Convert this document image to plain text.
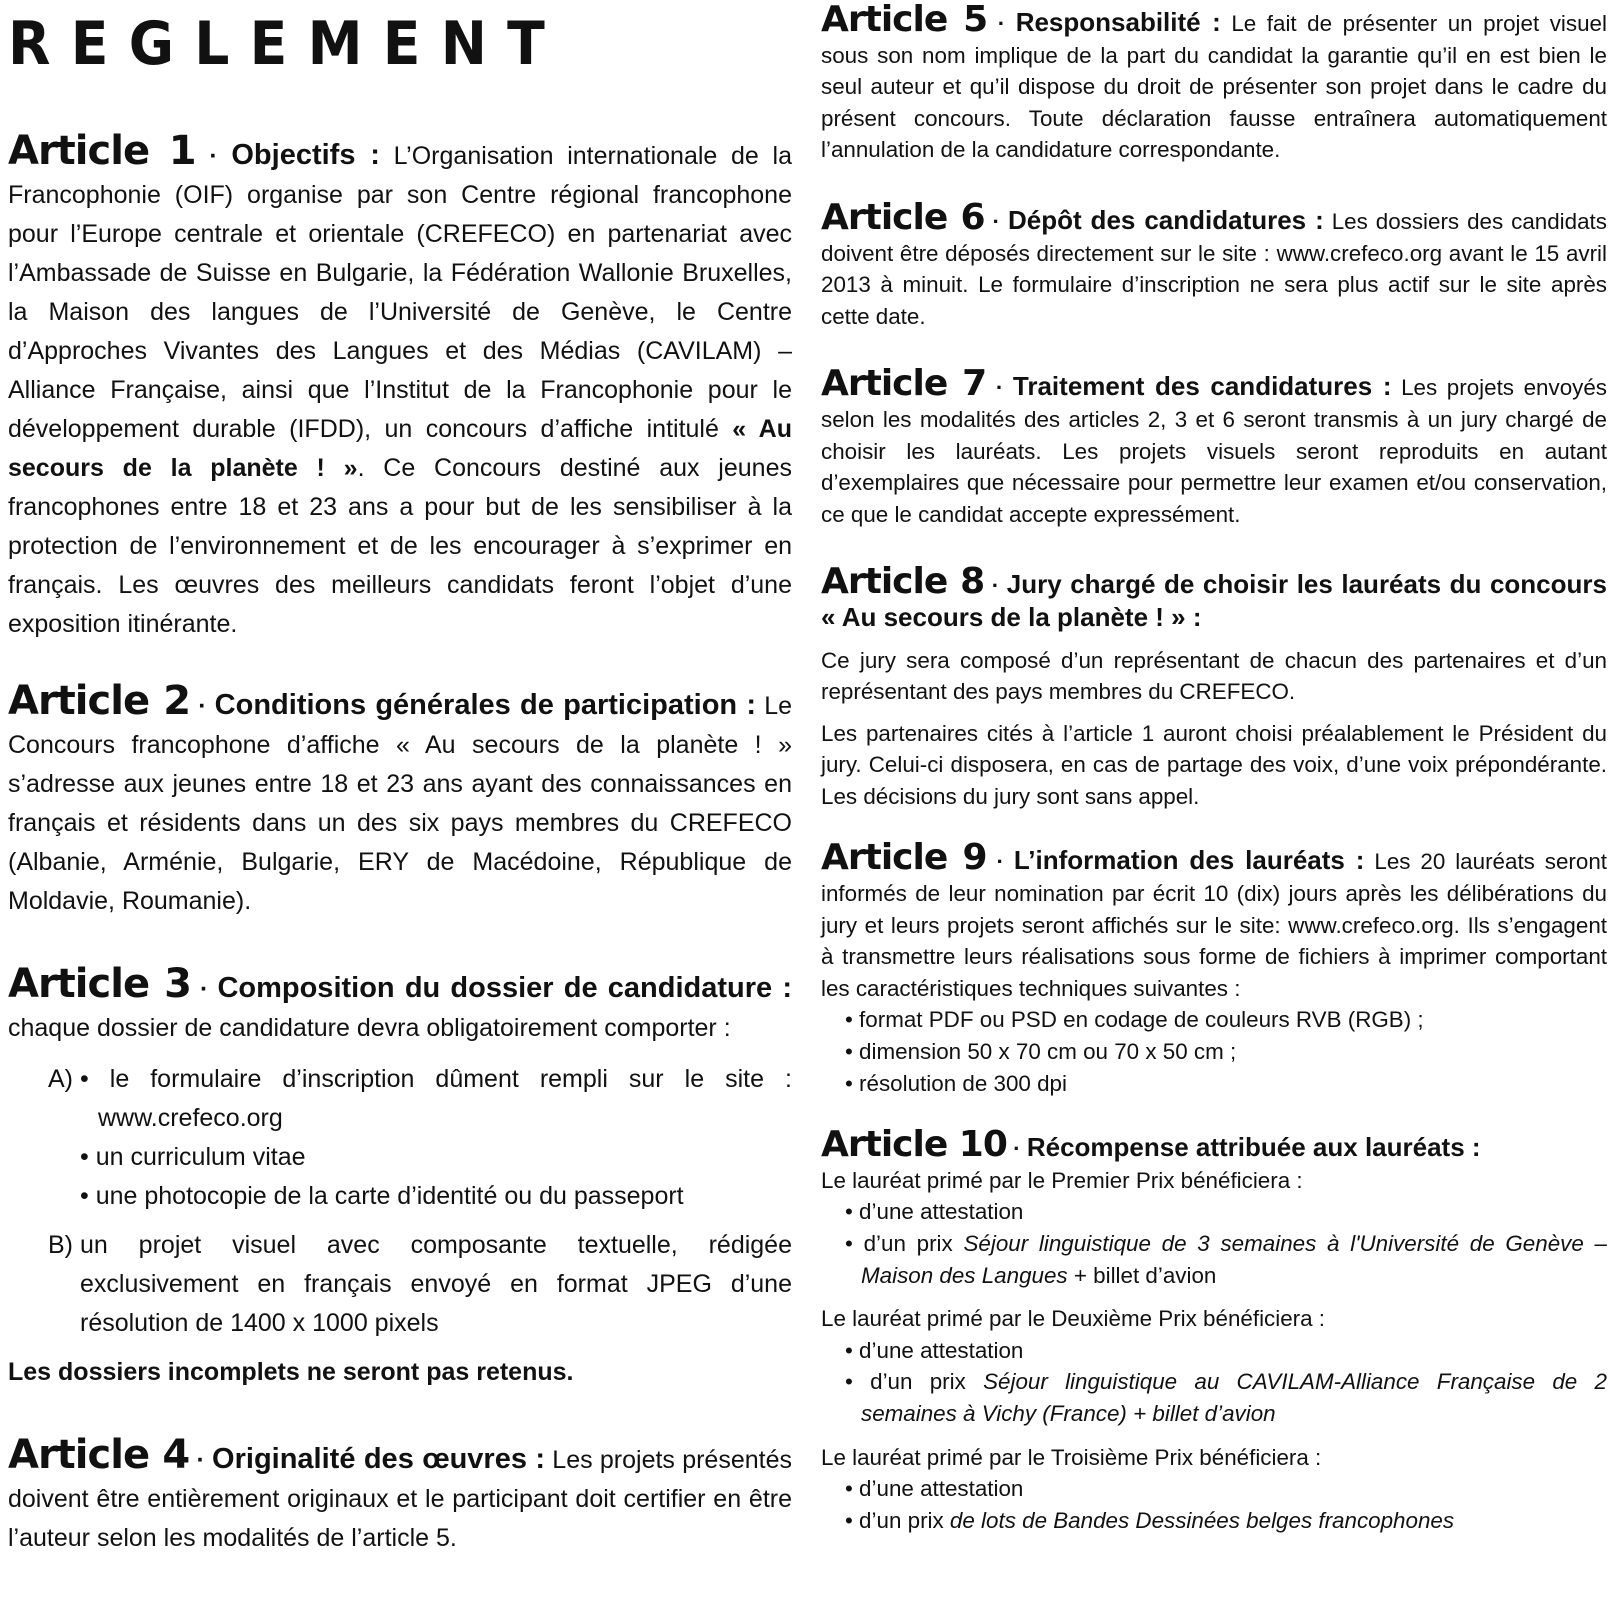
REGLEMENT

Article 1 · Objectifs : L’Organisation internationale de la Francophonie (OIF) organise par son Centre régional francophone pour l’Europe centrale et orientale (CREFECO) en partenariat avec l’Ambassade de Suisse en Bulgarie, la Fédération Wallonie Bruxelles, la Maison des langues de l’Université de Genève, le Centre d’Approches Vivantes des Langues et des Médias (CAVILAM) – Alliance Française, ainsi que l’Institut de la Francophonie pour le développement durable (IFDD), un concours d’affiche intitulé « Au secours de la planète ! ». Ce Concours destiné aux jeunes francophones entre 18 et 23 ans a pour but de les sensibiliser à la protection de l’environnement et de les encourager à s’exprimer en français. Les œuvres des meilleurs candidats feront l’objet d’une exposition itinérante.

Article 2 · Conditions générales de participation : Le Concours francophone d’affiche « Au secours de la planète ! » s’adresse aux jeunes entre 18 et 23 ans ayant des connaissances en français et résidents dans un des six pays membres du CREFECO (Albanie, Arménie, Bulgarie, ERY de Macédoine, République de Moldavie, Roumanie).

Article 3 · Composition du dossier de candidature : chaque dossier de candidature devra obligatoirement comporter :

A) • le formulaire d’inscription dûment rempli sur le site : www.crefeco.org

• un curriculum vitae

• une photocopie de la carte d’identité ou du passeport

B) un projet visuel avec composante textuelle, rédigée exclusivement en français envoyé en format JPEG d’une résolution de 1400 x 1000 pixels

Les dossiers incomplets ne seront pas retenus.

Article 4 · Originalité des œuvres : Les projets présentés doivent être entièrement originaux et le participant doit certifier en être l’auteur selon les modalités de l’article 5.

Article 5 · Responsabilité : Le fait de présenter un projet visuel sous son nom implique de la part du candidat la garantie qu’il en est bien le seul auteur et qu’il dispose du droit de présenter son projet dans le cadre du présent concours. Toute déclaration fausse entraînera automatiquement l’annulation de la candidature correspondante.

Article 6 · Dépôt des candidatures : Les dossiers des candidats doivent être déposés directement sur le site : www.crefeco.org avant le 15 avril 2013 à minuit. Le formulaire d’inscription ne sera plus actif sur le site après cette date.

Article 7 · Traitement des candidatures : Les projets envoyés selon les modalités des articles 2, 3 et 6 seront transmis à un jury chargé de choisir les lauréats. Les projets visuels seront reproduits en autant d’exemplaires que nécessaire pour permettre leur examen et/ou conservation, ce que le candidat accepte expressément.

Article 8 · Jury chargé de choisir les lauréats du concours « Au secours de la planète ! » :

Ce jury sera composé d’un représentant de chacun des partenaires et d’un représentant des pays membres du CREFECO.

Les partenaires cités à l’article 1 auront choisi préalablement le Président du jury. Celui-ci disposera, en cas de partage des voix, d’une voix prépondérante. Les décisions du jury sont sans appel.

Article 9 · L’information des lauréats : Les 20 lauréats seront informés de leur nomination par écrit 10 (dix) jours après les délibérations du jury et leurs projets seront affichés sur le site: www.crefeco.org. Ils s’engagent à transmettre leurs réalisations sous forme de fichiers à imprimer comportant les caractéristiques techniques suivantes :

• format PDF ou PSD en codage de couleurs RVB (RGB) ;

• dimension 50 x 70 cm ou 70 x 50 cm ;

• résolution de 300 dpi

Article 10 · Récompense attribuée aux lauréats :

Le lauréat primé par le Premier Prix bénéficiera :

• d’une attestation

• d’un prix Séjour linguistique de 3 semaines à l'Université de Genève – Maison des Langues + billet d’avion

Le lauréat primé par le Deuxième Prix bénéficiera :

• d’une attestation

• d’un prix Séjour linguistique au CAVILAM-Alliance Française de 2 semaines à Vichy (France) + billet d’avion

Le lauréat primé par le Troisième Prix bénéficiera :

• d’une attestation

• d’un prix de lots de Bandes Dessinées belges francophones
